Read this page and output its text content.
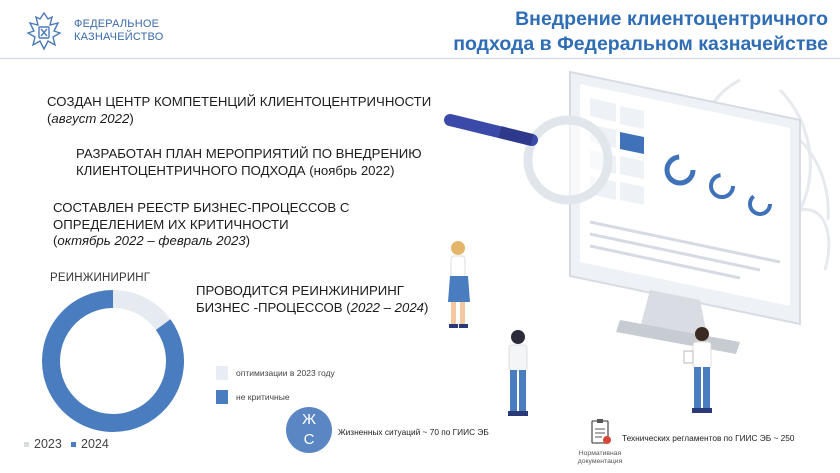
ФЕДЕРАЛЬНОЕ
КАЗНАЧЕЙСТВО
Внедрение клиентоцентричного
подхода в Федеральном казначействе
СОЗДАН ЦЕНТР КОМПЕТЕНЦИЙ КЛИЕНТОЦЕНТРИЧНОСТИ
(август 2022)
РАЗРАБОТАН ПЛАН МЕРОПРИЯТИЙ ПО ВНЕДРЕНИЮ
КЛИЕНТОЦЕНТРИЧНОГО ПОДХОДА (ноябрь 2022)
СОСТАВЛЕН РЕЕСТР БИЗНЕС-ПРОЦЕССОВ С
ОПРЕДЕЛЕНИЕМ ИХ КРИТИЧНОСТИ
(октябрь 2022 – февраль 2023)
ПРОВОДИТСЯ РЕИНЖИНИРИНГ
БИЗНЕС -ПРОЦЕССОВ (2022 – 2024)
РЕИНЖИНИРИНГ
оптимизации в 2023 году
не критичные
2023	2024
Ж
С	Жизненных ситуаций ~ 70 по ГИИС ЭБ
Нормативная
документация
Технических регламентов по ГИИС ЭБ ~ 250
